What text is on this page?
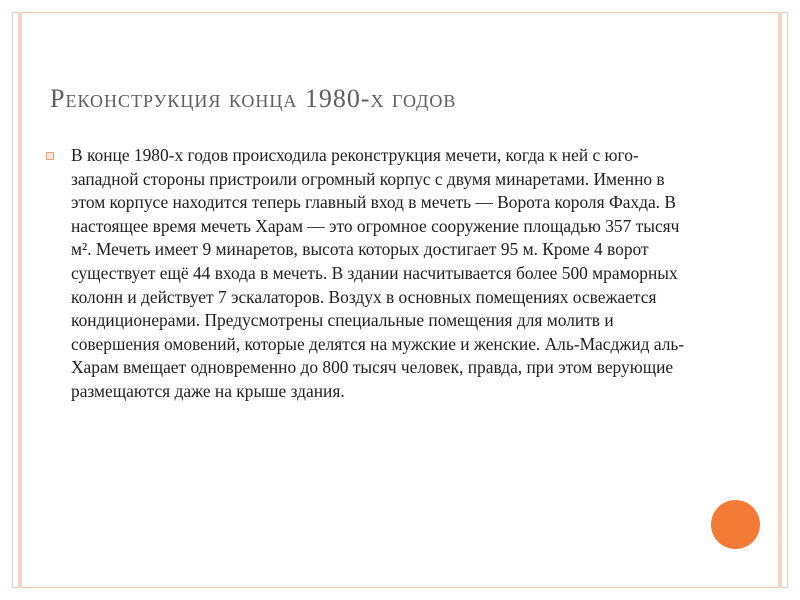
Реконструкция конца 1980-х годов

В конце 1980-х годов происходила реконструкция мечети, когда к ней с юго-западной стороны пристроили огромный корпус с двумя минаретами. Именно в этом корпусе находится теперь главный вход в мечеть — Ворота короля Фахда. В настоящее время мечеть Харам — это огромное сооружение площадью 357 тысяч м². Мечеть имеет 9 минаретов, высота которых достигает 95 м. Кроме 4 ворот существует ещё 44 входа в мечеть. В здании насчитывается более 500 мраморных колонн и действует 7 эскалаторов. Воздух в основных помещениях освежается кондиционерами. Предусмотрены специальные помещения для молитв и совершения омовений, которые делятся на мужские и женские. Аль-Масджид аль-Харам вмещает одновременно до 800 тысяч человек, правда, при этом верующие размещаются даже на крыше здания.
